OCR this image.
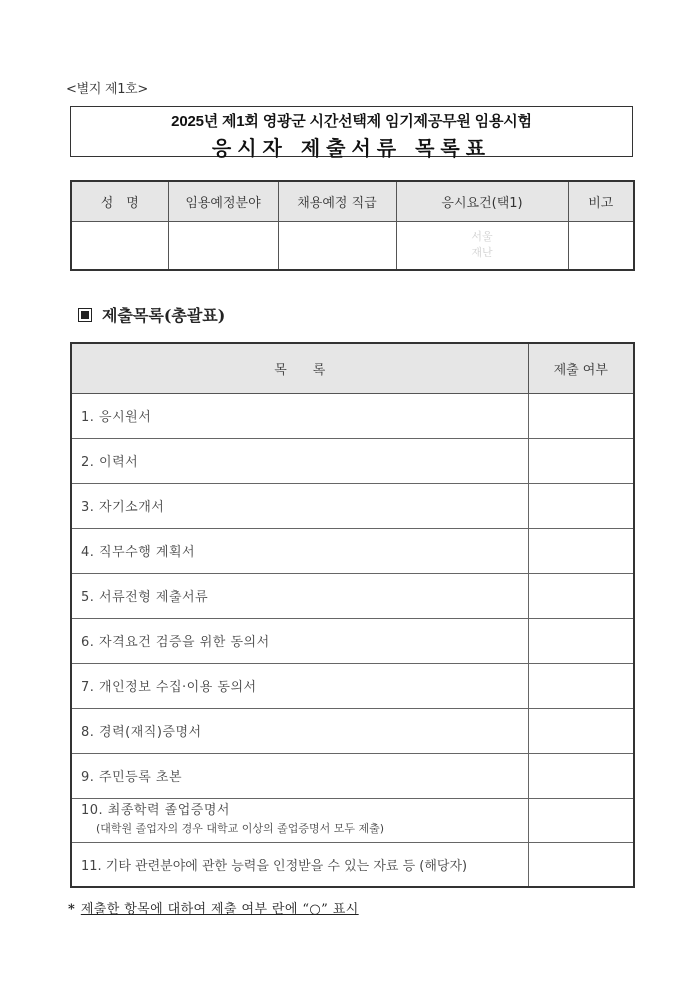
<별지 제1호>
2025년 제1회 영광군 시간선택제 임기제공무원 임용시험
응시자 제출서류 목록표
성　명	임용예정분야	채용예정 직급	응시요건(택1)	비고

			서울
재난	

제출목록(총괄표)
목　　록	제출 여부
1. 응시원서	
2. 이력서	
3. 자기소개서	
4. 직무수행 계획서	
5. 서류전형 제출서류	
6. 자격요건 검증을 위한 동의서	
7. 개인정보 수집·이용 동의서	
8. 경력(재직)증명서	
9. 주민등록 초본	
10. 최종학력 졸업증명서
(대학원 졸업자의 경우 대학교 이상의 졸업증명서 모두 제출)	

11. 기타 관련분야에 관한 능력을 인정받을 수 있는 자료 등 (해당자)	
* 제출한 항목에 대하여 제출 여부 란에 “○” 표시
